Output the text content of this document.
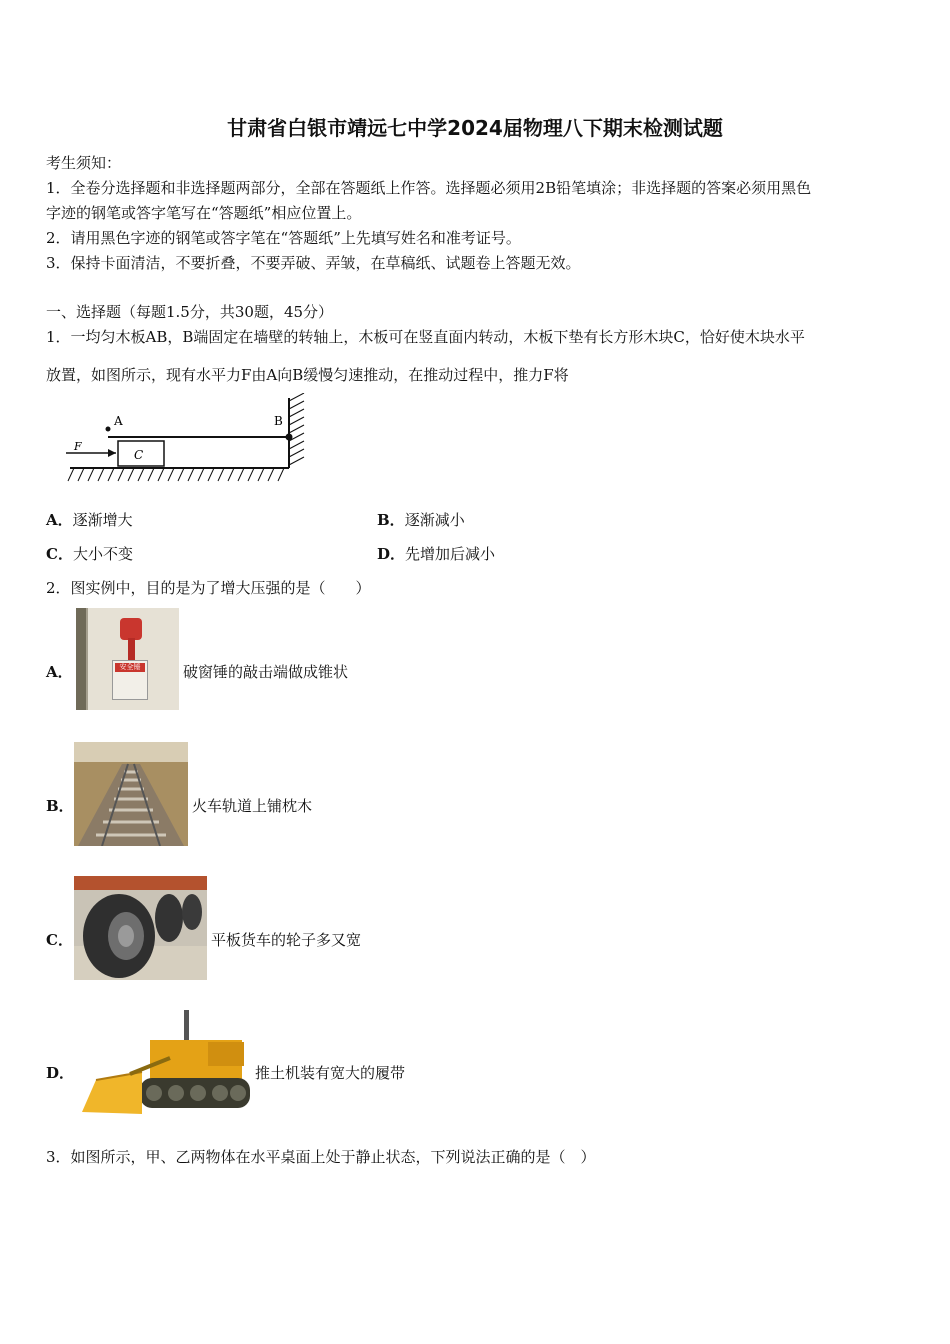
甘肃省白银市靖远七中学2024届物理八下期末检测试题
考生须知：
1．全卷分选择题和非选择题两部分，全部在答题纸上作答。选择题必须用2B铅笔填涂；非选择题的答案必须用黑色
字迹的钢笔或答字笔写在“答题纸”相应位置上。
2．请用黑色字迹的钢笔或答字笔在“答题纸”上先填写姓名和准考证号。
3．保持卡面清洁，不要折叠，不要弄破、弄皱，在草稿纸、试题卷上答题无效。
一、选择题（每题1.5分，共30题，45分）
1．一均匀木板AB，B端固定在墙壁的转轴上，木板可在竖直面内转动，木板下垫有长方形木块C，恰好使木块水平
放置，如图所示，现有水平力F由A向B缓慢匀速推动，在推动过程中，推力F将
A	B
C
F
A．逐渐增大	B．逐渐减小
C．大小不变	D．先增加后减小
2．图实例中，目的是为了增大压强的是（　　）
A．	安全锤	破窗锤的敲击端做成锥状
B．	火车轨道上铺枕木
C．	平板货车的轮子多又宽
D．	推土机装有宽大的履带
3．如图所示，甲、乙两物体在水平桌面上处于静止状态，下列说法正确的是（　）
